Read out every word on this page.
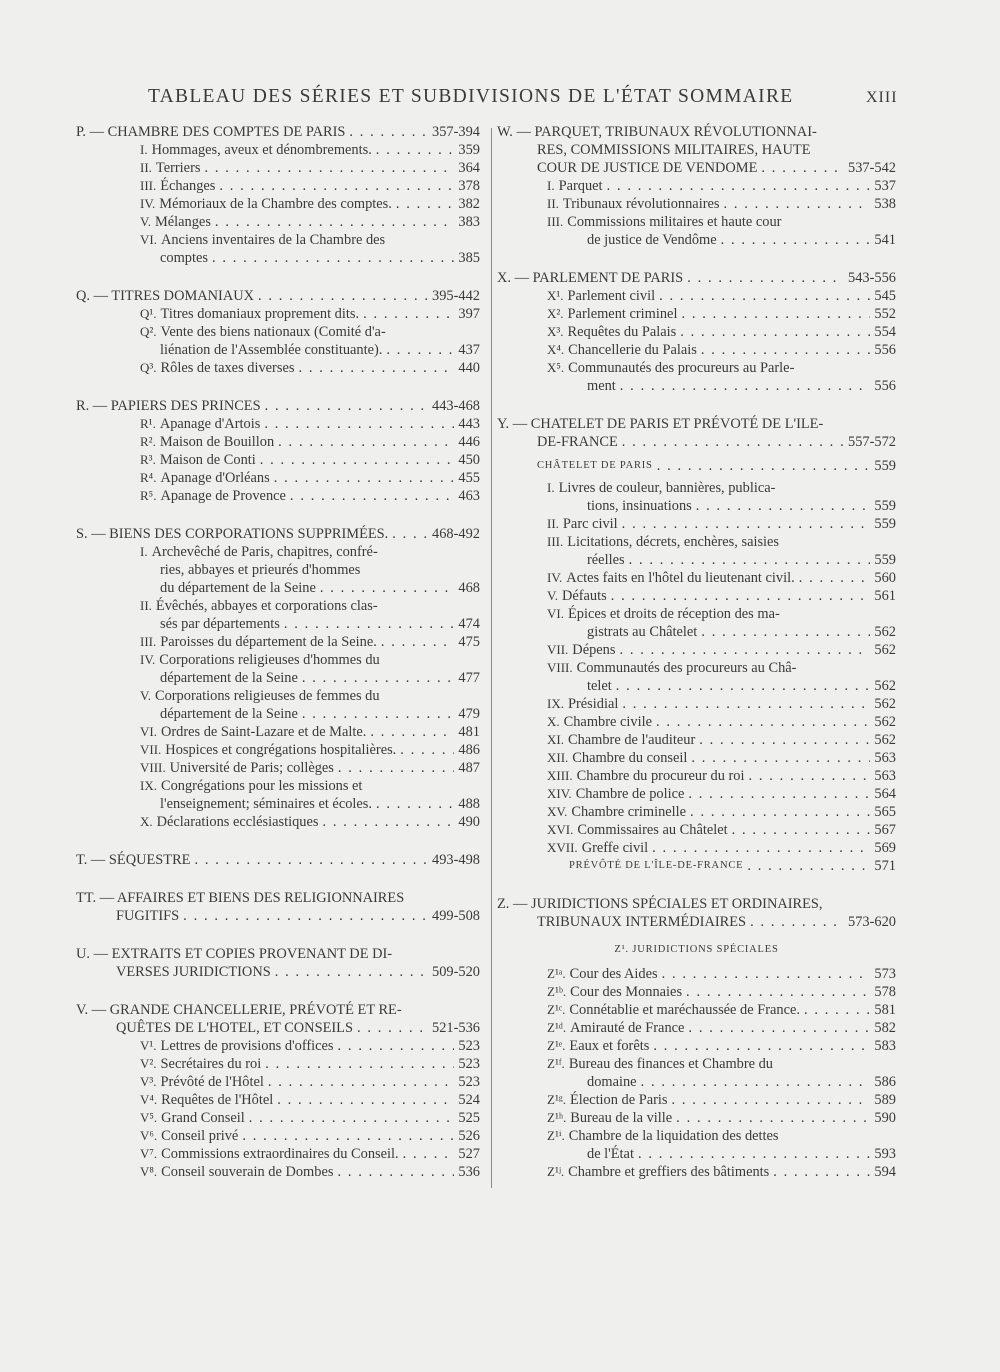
TABLEAU DES SÉRIES ET SUBDIVISIONS DE L'ÉTAT SOMMAIRE	XIII
P. — CHAMBRE DES COMPTES DE PARIS . . .	357-394
I. Hommages, aveux et dénombrements. . . .	359
II. Terriers . . .	364
III. Échanges . . .	378
IV. Mémoriaux de la Chambre des comptes. . . .	382
V. Mélanges . . .	383
VI. Anciens inventaires de la Chambre des
comptes . . .	385
Q. — TITRES DOMANIAUX . . .	395-442
Q¹. Titres domaniaux proprement dits. . . .	397
Q². Vente des biens nationaux (Comité d'a-
liénation de l'Assemblée constituante). . . .	437
Q³. Rôles de taxes diverses . . .	440
R. — PAPIERS DES PRINCES . . .	443-468
R¹. Apanage d'Artois . . .	443
R². Maison de Bouillon . . .	446
R³. Maison de Conti . . .	450
R⁴. Apanage d'Orléans . . .	455
R⁵. Apanage de Provence . . .	463
S. — BIENS DES CORPORATIONS SUPPRIMÉES. . . .	468-492
I. Archevêché de Paris, chapitres, confré-
ries, abbayes et prieurés d'hommes
du département de la Seine . . .	468
II. Évêchés, abbayes et corporations clas-
sés par départements . . .	474
III. Paroisses du département de la Seine. . . .	475
IV. Corporations religieuses d'hommes du
département de la Seine . . .	477
V. Corporations religieuses de femmes du
département de la Seine . . .	479
VI. Ordres de Saint-Lazare et de Malte. . . .	481
VII. Hospices et congrégations hospitalières. . . .	486
VIII. Université de Paris; collèges . . .	487
IX. Congrégations pour les missions et
l'enseignement; séminaires et écoles. . . .	488
X. Déclarations ecclésiastiques . . .	490
T. — SÉQUESTRE . . .	493-498
TT. — AFFAIRES ET BIENS DES RELIGIONNAIRES
FUGITIFS . . .	499-508
U. — EXTRAITS ET COPIES PROVENANT DE DI-
VERSES JURIDICTIONS . . .	509-520
V. — GRANDE CHANCELLERIE, PRÉVOTÉ ET RE-
QUÊTES DE L'HOTEL, ET CONSEILS . . .	521-536
V¹. Lettres de provisions d'offices . . .	523
V². Secrétaires du roi . . .	523
V³. Prévôté de l'Hôtel . . .	523
V⁴. Requêtes de l'Hôtel . . .	524
V⁵. Grand Conseil . . .	525
V⁶. Conseil privé . . .	526
V⁷. Commissions extraordinaires du Conseil. . . .	527
V⁸. Conseil souverain de Dombes . . .	536
W. — PARQUET, TRIBUNAUX RÉVOLUTIONNAI-
RES, COMMISSIONS MILITAIRES, HAUTE
COUR DE JUSTICE DE VENDOME . . .	537-542
I. Parquet . . .	537
II. Tribunaux révolutionnaires . . .	538
III. Commissions militaires et haute cour
de justice de Vendôme . . .	541
X. — PARLEMENT DE PARIS . . .	543-556
X¹. Parlement civil . . .	545
X². Parlement criminel . . .	552
X³. Requêtes du Palais . . .	554
X⁴. Chancellerie du Palais . . .	556
X⁵. Communautés des procureurs au Parle-
ment . . .	556
Y. — CHATELET DE PARIS ET PRÉVOTÉ DE L'ILE-
DE-FRANCE . . .	557-572
CHÂTELET DE PARIS . . .	559
I. Livres de couleur, bannières, publica-
tions, insinuations . . .	559
II. Parc civil . . .	559
III. Licitations, décrets, enchères, saisies
réelles . . .	559
IV. Actes faits en l'hôtel du lieutenant civil. . . .	560
V. Défauts . . .	561
VI. Épices et droits de réception des ma-
gistrats au Châtelet . . .	562
VII. Dépens . . .	562
VIII. Communautés des procureurs au Châ-
telet . . .	562
IX. Présidial . . .	562
X. Chambre civile . . .	562
XI. Chambre de l'auditeur . . .	562
XII. Chambre du conseil . . .	563
XIII. Chambre du procureur du roi . . .	563
XIV. Chambre de police . . .	564
XV. Chambre criminelle . . .	565
XVI. Commissaires au Châtelet . . .	567
XVII. Greffe civil . . .	569
PRÉVÔTÉ DE L'ÎLE-DE-FRANCE . . .	571
Z. — JURIDICTIONS SPÉCIALES ET ORDINAIRES,
TRIBUNAUX INTERMÉDIAIRES . . .	573-620
Z¹. JURIDICTIONS SPÉCIALES
Z¹ᵃ. Cour des Aides . . .	573
Z¹ᵇ. Cour des Monnaies . . .	578
Z¹ᶜ. Connétablie et maréchaussée de France. . . .	581
Z¹ᵈ. Amirauté de France . . .	582
Z¹ᵉ. Eaux et forêts . . .	583
Z¹ᶠ. Bureau des finances et Chambre du
domaine . . .	586
Z¹ᵍ. Élection de Paris . . .	589
Z¹ʰ. Bureau de la ville . . .	590
Z¹ⁱ. Chambre de la liquidation des dettes
de l'État . . .	593
Z¹ʲ. Chambre et greffiers des bâtiments . . .	594
